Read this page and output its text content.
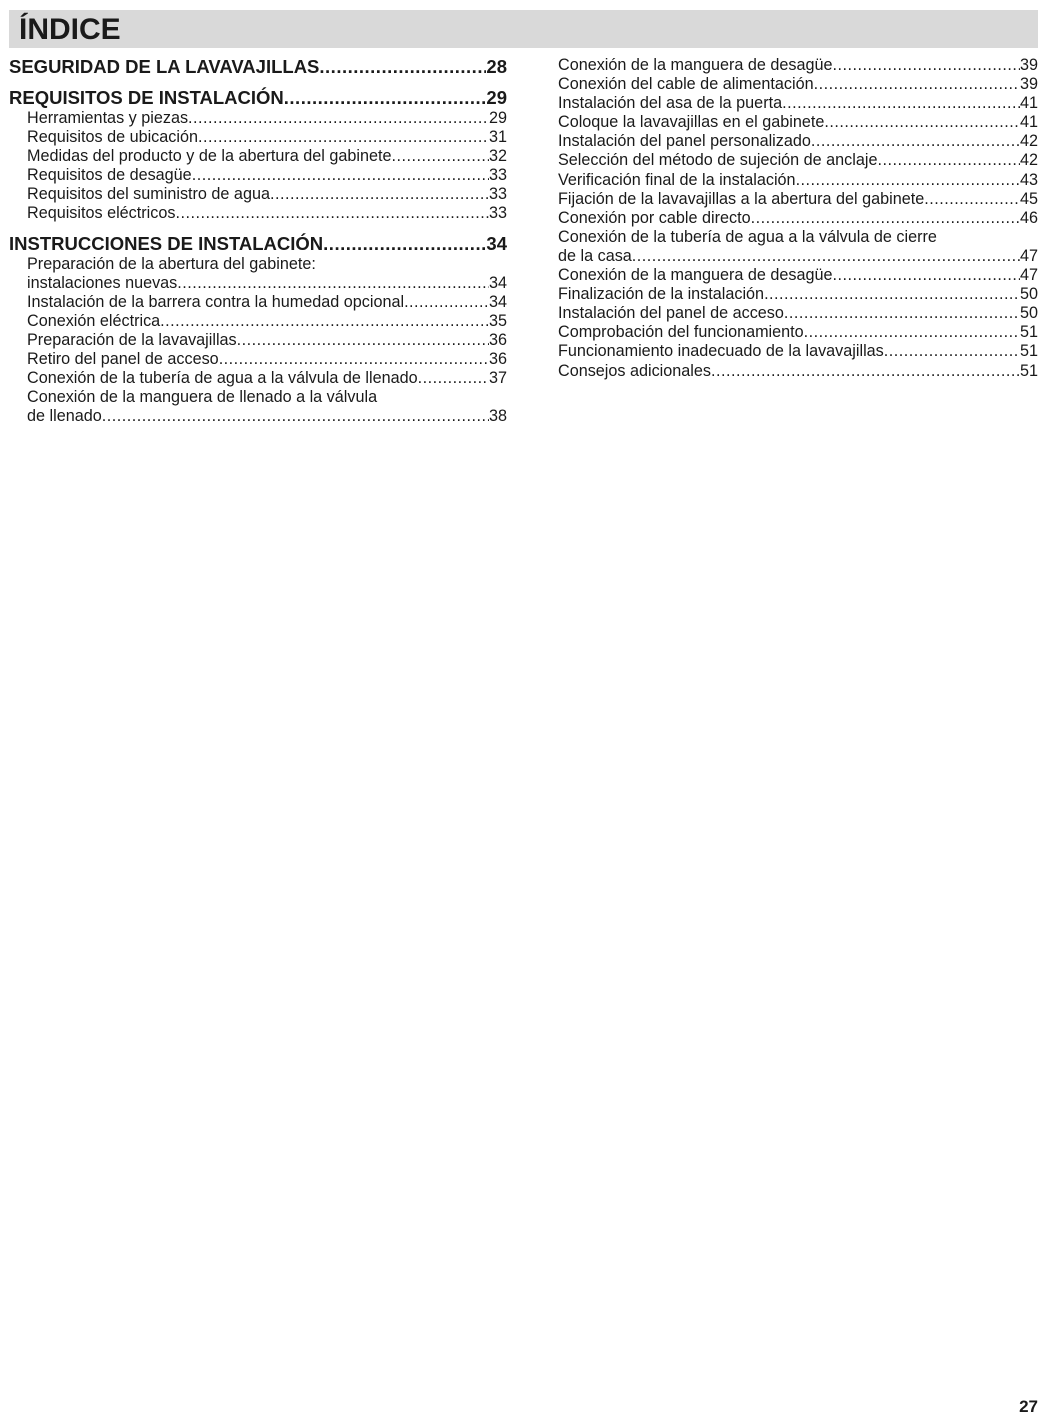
ÍNDICE
SEGURIDAD DE LA LAVAVAJILLAS .....	28
REQUISITOS DE INSTALACIÓN .....	29
Herramientas y piezas .....	29
Requisitos de ubicación .....	31
Medidas del producto y de la abertura del gabinete .....	32
Requisitos de desagüe .....	33
Requisitos del suministro de agua .....	33
Requisitos eléctricos .....	33
INSTRUCCIONES DE INSTALACIÓN .....	34
Preparación de la abertura del gabinete:
instalaciones nuevas .....	34
Instalación de la barrera contra la humedad opcional .....	34
Conexión eléctrica .....	35
Preparación de la lavavajillas .....	36
Retiro del panel de acceso .....	36
Conexión de la tubería de agua a la válvula de llenado .....	37
Conexión de la manguera de llenado a la válvula
de llenado .....	38
Conexión de la manguera de desagüe .....	39
Conexión del cable de alimentación .....	39
Instalación del asa de la puerta .....	41
Coloque la lavavajillas en el gabinete .....	41
Instalación del panel personalizado .....	42
Selección del método de sujeción de anclaje .....	42
Verificación final de la instalación .....	43
Fijación de la lavavajillas a la abertura del gabinete .....	45
Conexión por cable directo .....	46
Conexión de la tubería de agua a la válvula de cierre
de la casa .....	47
Conexión de la manguera de desagüe .....	47
Finalización de la instalación .....	50
Instalación del panel de acceso .....	50
Comprobación del funcionamiento .....	51
Funcionamiento inadecuado de la lavavajillas .....	51
Consejos adicionales .....	51
27
